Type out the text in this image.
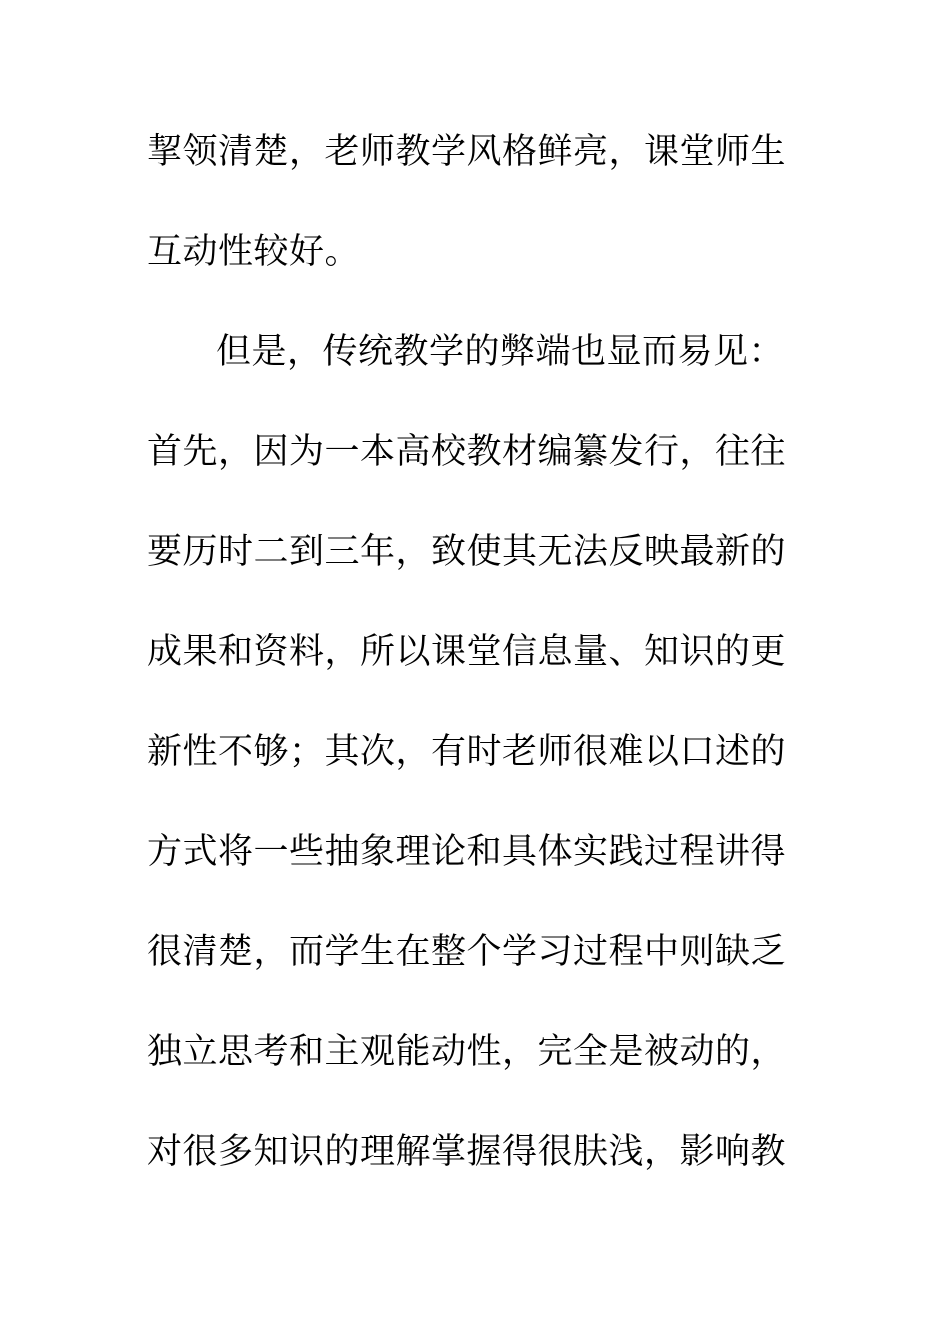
挈领清楚，老师教学风格鲜亮，课堂师生
互动性较好。
但是，传统教学的弊端也显而易见：
首先，因为一本高校教材编纂发行，往往
要历时二到三年，致使其无法反映最新的
成果和资料，所以课堂信息量、知识的更
新性不够；其次，有时老师很难以口述的
方式将一些抽象理论和具体实践过程讲得
很清楚，而学生在整个学习过程中则缺乏
独立思考和主观能动性，完全是被动的，
对很多知识的理解掌握得很肤浅，影响教
